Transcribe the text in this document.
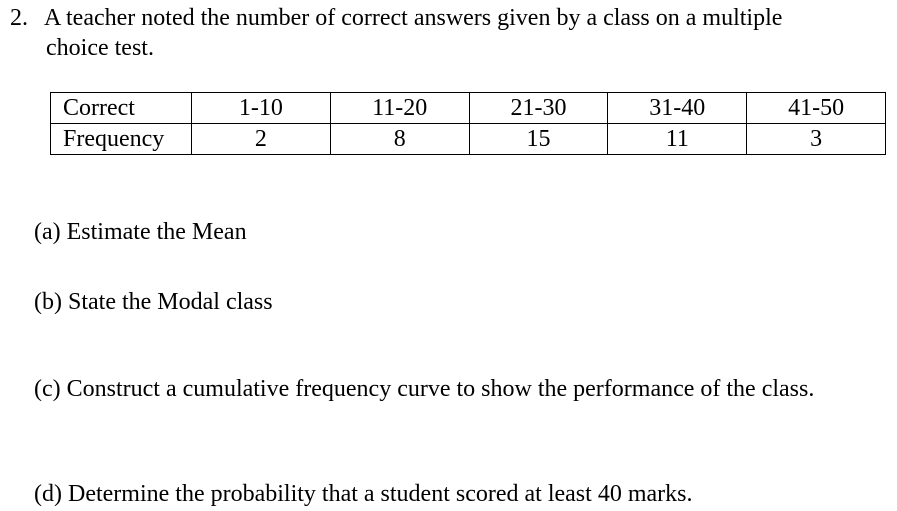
2. A teacher noted the number of correct answers given by a class on a multiple
choice test.
Correct	1-10	11-20	21-30	31-40	41-50
Frequency	2	8	15	11	3
(a) Estimate the Mean
(b) State the Modal class
(c) Construct a cumulative frequency curve to show the performance of the class.
(d) Determine the probability that a student scored at least 40 marks.
